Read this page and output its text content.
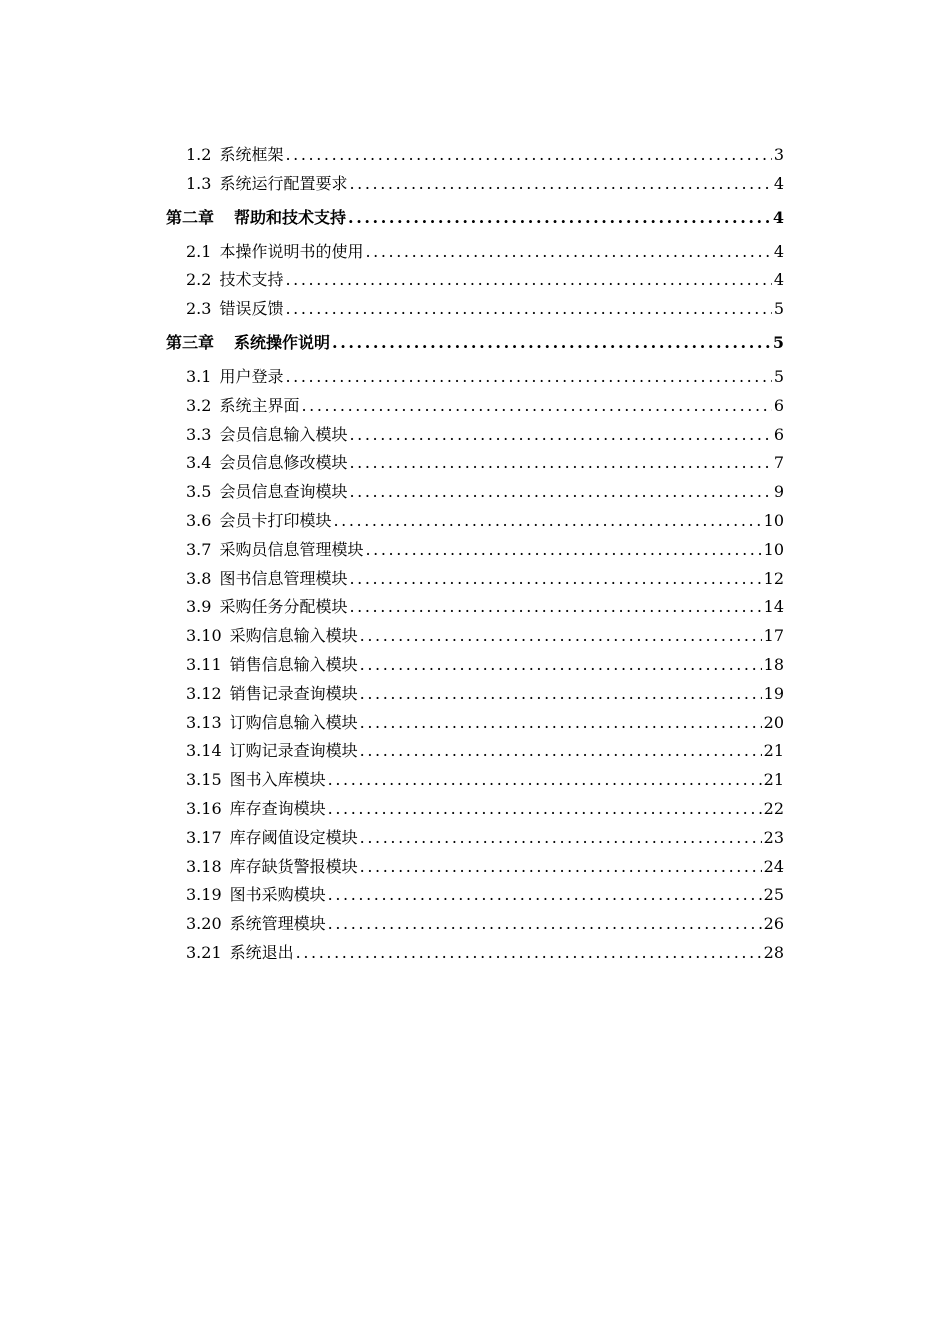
1.2 系统框架 .....	3
1.3 系统运行配置要求 .....	4
第二章 帮助和技术支持 .....	4
2.1 本操作说明书的使用 .....	4
2.2 技术支持 .....	4
2.3 错误反馈 .....	5
第三章 系统操作说明 .....	5
3.1 用户登录 .....	5
3.2 系统主界面 .....	6
3.3 会员信息输入模块 .....	6
3.4 会员信息修改模块 .....	7
3.5 会员信息查询模块 .....	9
3.6 会员卡打印模块 .....	10
3.7 采购员信息管理模块 .....	10
3.8 图书信息管理模块 .....	12
3.9 采购任务分配模块 .....	14
3.10 采购信息输入模块 .....	17
3.11 销售信息输入模块 .....	18
3.12 销售记录查询模块 .....	19
3.13 订购信息输入模块 .....	20
3.14 订购记录查询模块 .....	21
3.15 图书入库模块 .....	21
3.16 库存查询模块 .....	22
3.17 库存阈值设定模块 .....	23
3.18 库存缺货警报模块 .....	24
3.19 图书采购模块 .....	25
3.20 系统管理模块 .....	26
3.21 系统退出 .....	28
